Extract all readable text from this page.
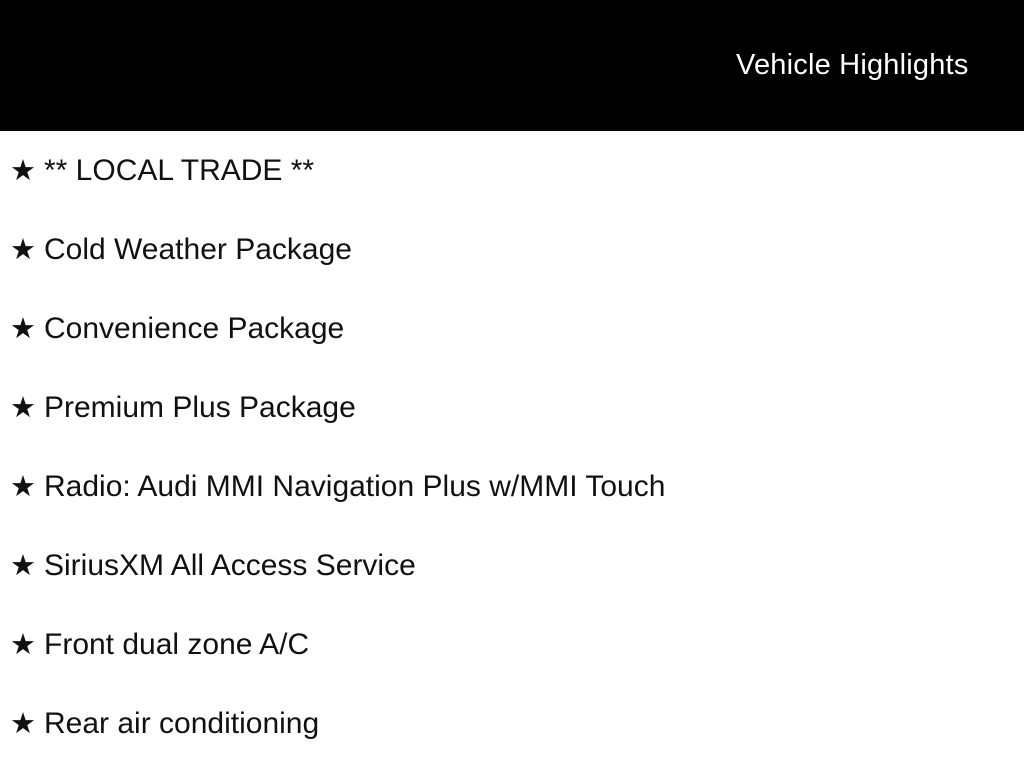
Vehicle Highlights
★ ** LOCAL TRADE **
★ Cold Weather Package
★ Convenience Package
★ Premium Plus Package
★ Radio: Audi MMI Navigation Plus w/MMI Touch
★ SiriusXM All Access Service
★ Front dual zone A/C
★ Rear air conditioning
